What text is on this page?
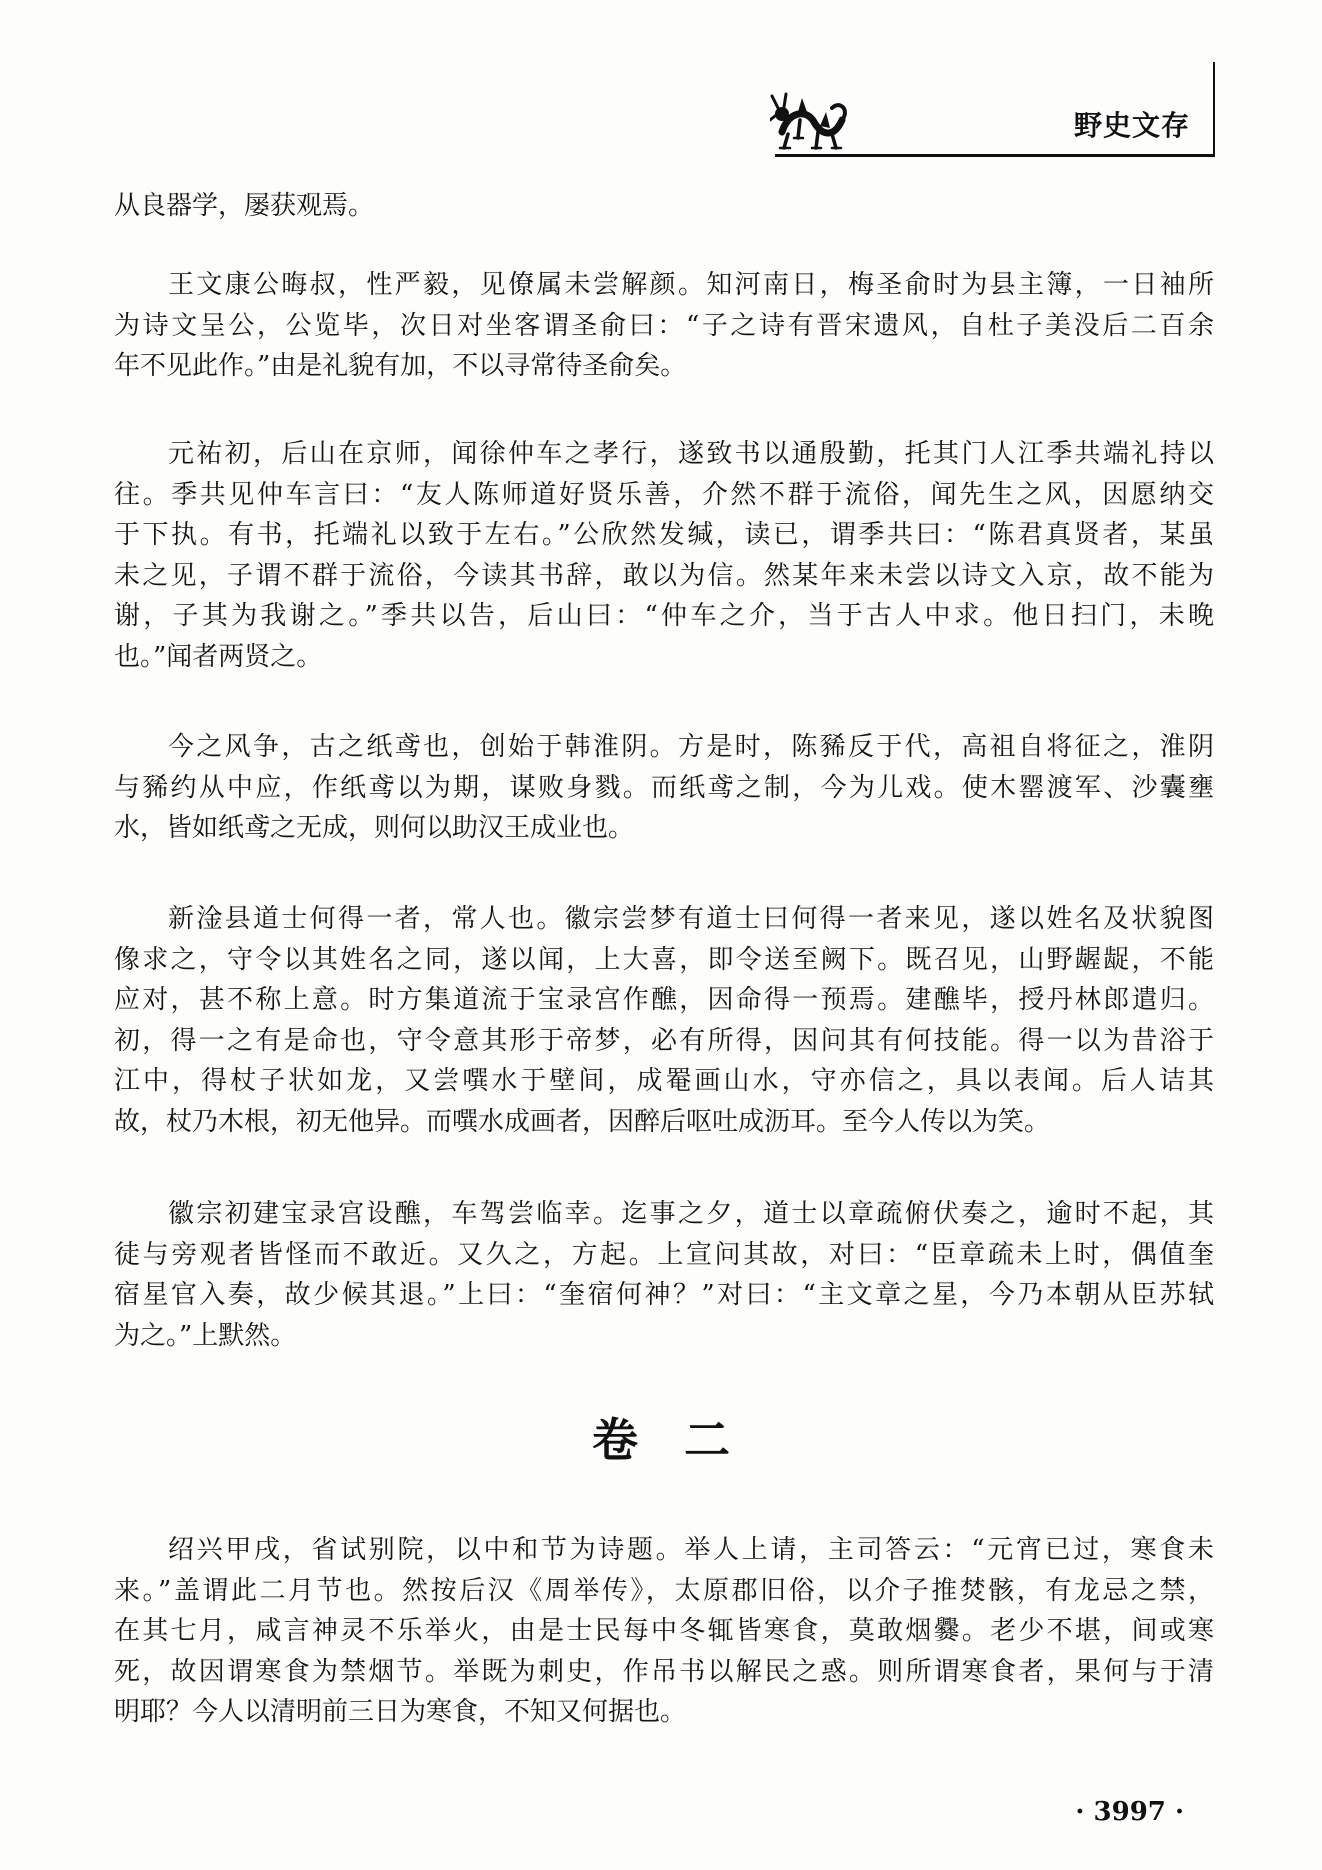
野史文存
从良器学，屡获观焉。
王文康公晦叔，性严毅，见僚属未尝解颜。知河南日，梅圣俞时为县主簿，一日袖所
为诗文呈公，公览毕，次日对坐客谓圣俞曰：“子之诗有晋宋遗风，自杜子美没后二百余
年不见此作。”由是礼貌有加，不以寻常待圣俞矣。
元祐初，后山在京师，闻徐仲车之孝行，遂致书以通殷勤，托其门人江季共端礼持以
往。季共见仲车言曰：“友人陈师道好贤乐善，介然不群于流俗，闻先生之风，因愿纳交
于下执。有书，托端礼以致于左右。”公欣然发缄，读已，谓季共曰：“陈君真贤者，某虽
未之见，子谓不群于流俗，今读其书辞，敢以为信。然某年来未尝以诗文入京，故不能为
谢，子其为我谢之。”季共以告，后山曰：“仲车之介，当于古人中求。他日扫门，未晚
也。”闻者两贤之。
今之风争，古之纸鸢也，创始于韩淮阴。方是时，陈豨反于代，高祖自将征之，淮阴
与豨约从中应，作纸鸢以为期，谋败身戮。而纸鸢之制，今为儿戏。使木罂渡军、沙囊壅
水，皆如纸鸢之无成，则何以助汉王成业也。
新淦县道士何得一者，常人也。徽宗尝梦有道士曰何得一者来见，遂以姓名及状貌图
像求之，守令以其姓名之同，遂以闻，上大喜，即令送至阙下。既召见，山野龌龊，不能
应对，甚不称上意。时方集道流于宝录宫作醮，因命得一预焉。建醮毕，授丹林郎遣归。
初，得一之有是命也，守令意其形于帝梦，必有所得，因问其有何技能。得一以为昔浴于
江中，得杖子状如龙，又尝噀水于壁间，成罨画山水，守亦信之，具以表闻。后人诘其
故，杖乃木根，初无他异。而噀水成画者，因醉后呕吐成沥耳。至今人传以为笑。
徽宗初建宝录宫设醮，车驾尝临幸。迄事之夕，道士以章疏俯伏奏之，逾时不起，其
徒与旁观者皆怪而不敢近。又久之，方起。上宣问其故，对曰：“臣章疏未上时，偶值奎
宿星官入奏，故少候其退。”上曰：“奎宿何神？”对曰：“主文章之星，今乃本朝从臣苏轼
为之。”上默然。
卷 二
绍兴甲戌，省试别院，以中和节为诗题。举人上请，主司答云：“元宵已过，寒食未
来。”盖谓此二月节也。然按后汉《周举传》，太原郡旧俗，以介子推焚骸，有龙忌之禁，
在其七月，咸言神灵不乐举火，由是士民每中冬辄皆寒食，莫敢烟爨。老少不堪，间或寒
死，故因谓寒食为禁烟节。举既为刺史，作吊书以解民之惑。则所谓寒食者，果何与于清
明耶？今人以清明前三日为寒食，不知又何据也。
· 3997 ·
